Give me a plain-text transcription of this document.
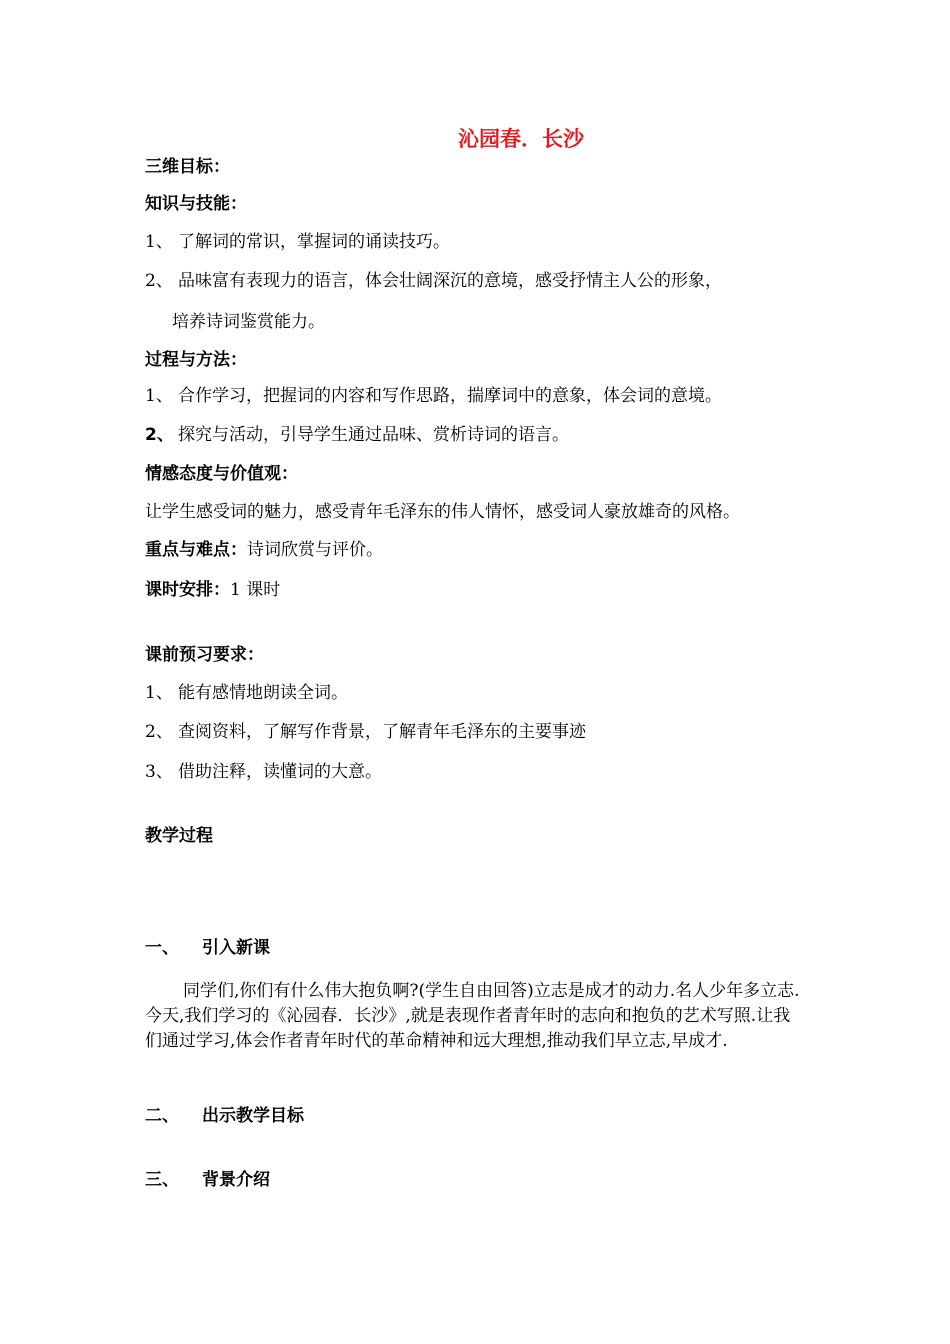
沁园春．长沙
三维目标：
知识与技能：
1、 了解词的常识，掌握词的诵读技巧。
2、 品味富有表现力的语言，体会壮阔深沉的意境，感受抒情主人公的形象，
培养诗词鉴赏能力。
过程与方法：
1、 合作学习，把握词的内容和写作思路，揣摩词中的意象，体会词的意境。
2、 探究与活动，引导学生通过品味、赏析诗词的语言。
情感态度与价值观：
让学生感受词的魅力，感受青年毛泽东的伟人情怀，感受词人豪放雄奇的风格。
重点与难点：诗词欣赏与评价。
课时安排：1 课时
课前预习要求：
1、 能有感情地朗读全词。
2、 查阅资料，了解写作背景，了解青年毛泽东的主要事迹
3、 借助注释，读懂词的大意。
教学过程
一、 引入新课
同学们,你们有什么伟大抱负啊?(学生自由回答)立志是成才的动力.名人少年多立志.今天,我们学习的《沁园春．长沙》,就是表现作者青年时的志向和抱负的艺术写照.让我们通过学习,体会作者青年时代的革命精神和远大理想,推动我们早立志,早成才.
二、 出示教学目标
三、 背景介绍
